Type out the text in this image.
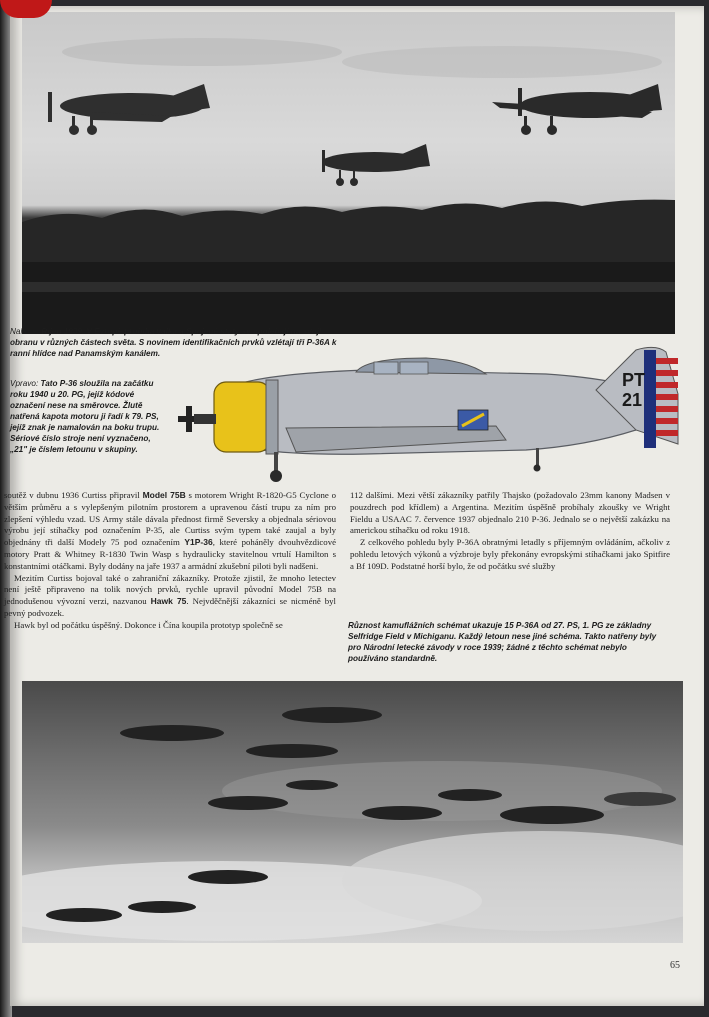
Nahoře: Říjen 1939. V Evropě probíhá válka a Spojené státy se spoléhají na svoji obranu v různých částech světa. S novinem identifikačních prvků vzlétají tři P-36A k ranní hlídce nad Panamským kanálem.
Vpravo: Tato P-36 sloužila na začátku roku 1940 u 20. PG, jejíž kódové označení nese na směrovce. Žlutě natřená kapota motoru ji řadí k 79. PS, jejíž znak je namalován na boku trupu. Sériové číslo stroje není vyznačeno, „21" je číslem letounu v skupiny.
PT
21

soutěž v dubnu 1936 Curtiss připravil Model 75B s motorem Wright R-1820-G5 Cyclone o větším průměru a s vylepšeným pilotním prostorem a upravenou částí trupu za ním pro zlepšení výhledu vzad. US Army stále dávala přednost firmě Seversky a objednala sériovou výrobu její stíhačky pod označením P-35, ale Curtiss svým typem také zaujal a byly objednány tři další Modely 75 pod označením Y1P-36, které poháněly dvouhvězdicové motory Pratt & Whitney R-1830 Twin Wasp s hydraulicky stavitelnou vrtulí Hamilton s konstantními otáčkami. Byly dodány na jaře 1937 a armádní zkušební piloti byli nadšeni.

Mezitím Curtiss bojoval také o zahraniční zákazníky. Protože zjistil, že mnoho letectev není ještě připraveno na tolik nových prvků, rychle upravil původní Model 75B na jednodušenou vývozní verzi, nazvanou Hawk 75. Nejvděčnější zákazníci se nicméně byl pevný podvozek.

Hawk byl od počátku úspěšný. Dokonce i Čína koupila prototyp společně se

112 dalšími. Mezi větší zákazníky patřily Thajsko (požadovalo 23mm kanony Madsen v pouzdrech pod křídlem) a Argentina. Mezitím úspěšně probíhaly zkoušky ve Wright Fieldu a USAAC 7. července 1937 objednalo 210 P-36. Jednalo se o největší zakázku na americkou stíhačku od roku 1918.

Z celkového pohledu byly P-36A obratnými letadly s příjemným ovládáním, ačkoliv z pohledu letových výkonů a výzbroje byly překonány evropskými stíhačkami jako Spitfire a Bf 109D. Podstatné horší bylo, že od počátku své služby

Různost kamuflážních schémat ukazuje 15 P-36A od 27. PS, 1. PG ze základny Selfridge Field v Michiganu. Každý letoun nese jiné schéma. Takto natřeny byly pro Národní letecké závody v roce 1939; žádné z těchto schémat nebylo používáno standardně.
65
